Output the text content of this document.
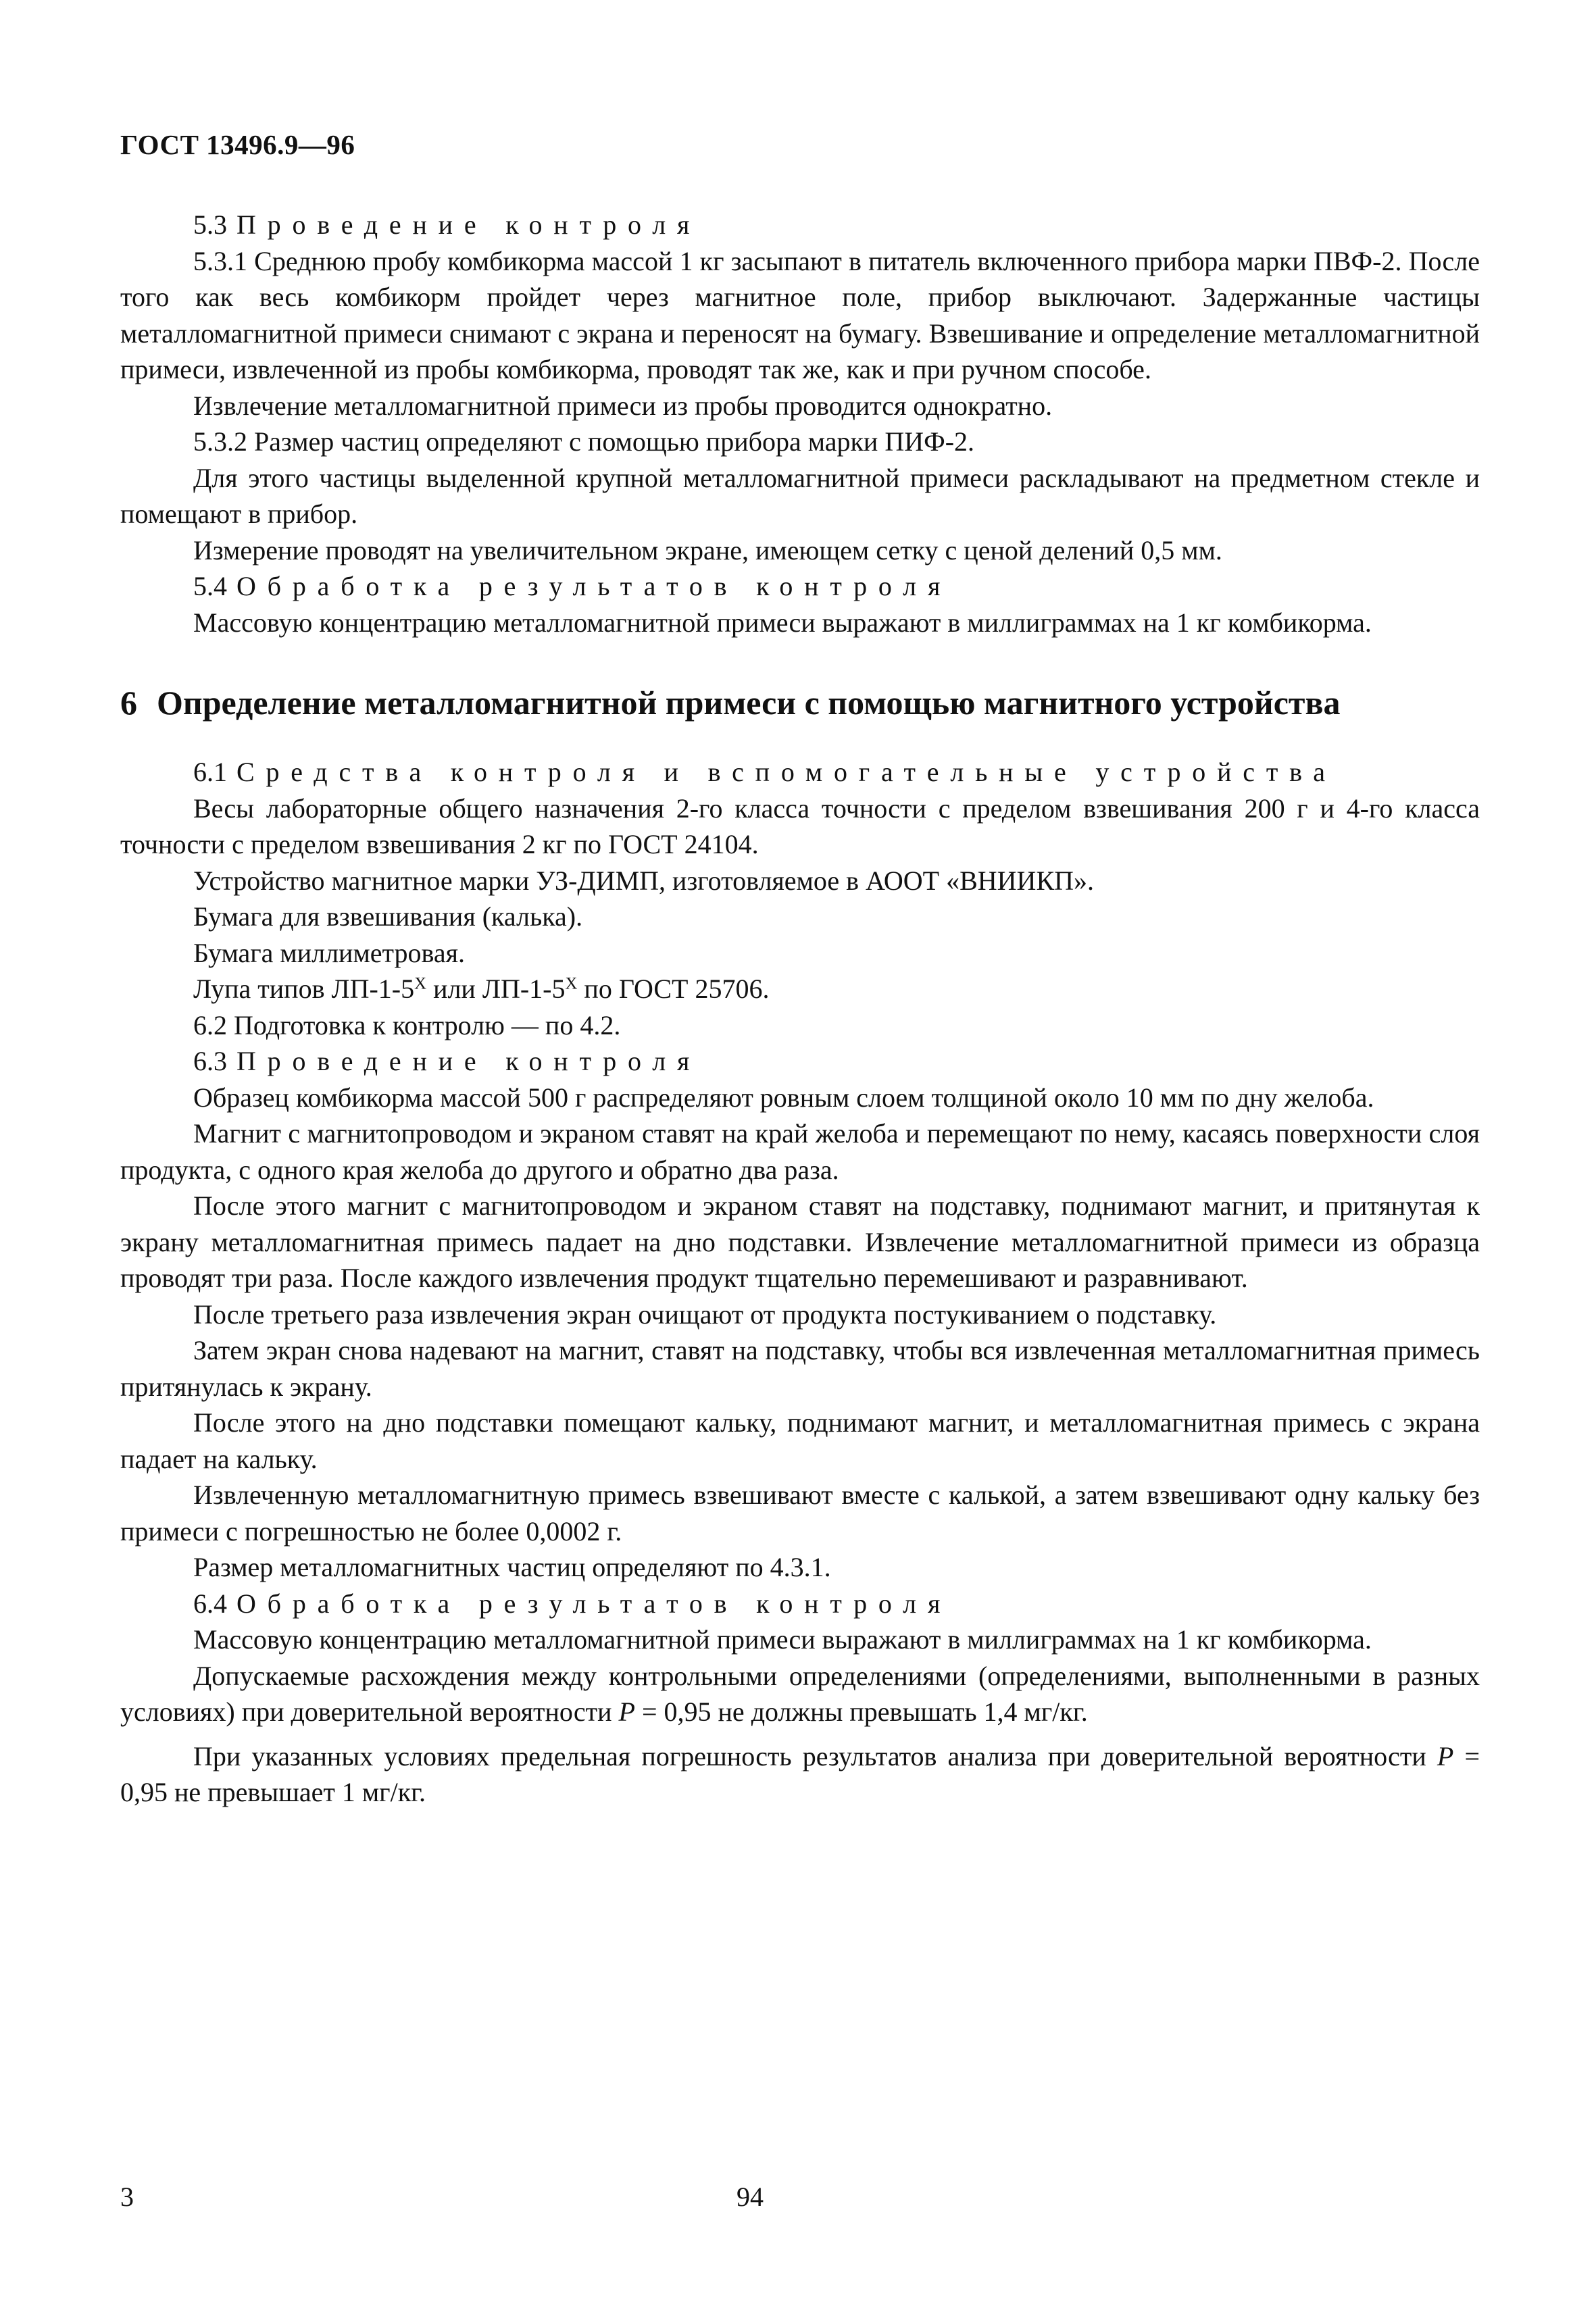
ГОСТ 13496.9—96

5.3 Проведение контроля

5.3.1 Среднюю пробу комбикорма массой 1 кг засыпают в питатель включенного прибора марки ПВФ-2. После того как весь комбикорм пройдет через магнитное поле, прибор выключают. Задержанные частицы металломагнитной примеси снимают с экрана и переносят на бумагу. Взвешивание и определение металломагнитной примеси, извлеченной из пробы комбикорма, проводят так же, как и при ручном способе.

Извлечение металломагнитной примеси из пробы проводится однократно.

5.3.2 Размер частиц определяют с помощью прибора марки ПИФ-2.

Для этого частицы выделенной крупной металломагнитной примеси раскладывают на предметном стекле и помещают в прибор.

Измерение проводят на увеличительном экране, имеющем сетку с ценой делений 0,5 мм.

5.4 Обработка результатов контроля

Массовую концентрацию металломагнитной примеси выражают в миллиграммах на 1 кг комбикорма.

6 Определение металломагнитной примеси с помощью магнитного устройства

6.1 Средства контроля и вспомогательные устройства

Весы лабораторные общего назначения 2-го класса точности с пределом взвешивания 200 г и 4-го класса точности с пределом взвешивания 2 кг по ГОСТ 24104.

Устройство магнитное марки УЗ-ДИМП, изготовляемое в АООТ «ВНИИКП».

Бумага для взвешивания (калька).

Бумага миллиметровая.

Лупа типов $ЛП-1-5^X$ или $ЛП-1-5^X$ по ГОСТ 25706.

6.2 Подготовка к контролю — по 4.2.

6.3 Проведение контроля

Образец комбикорма массой 500 г распределяют ровным слоем толщиной около 10 мм по дну желоба.

Магнит с магнитопроводом и экраном ставят на край желоба и перемещают по нему, касаясь поверхности слоя продукта, с одного края желоба до другого и обратно два раза.

После этого магнит с магнитопроводом и экраном ставят на подставку, поднимают магнит, и притянутая к экрану металломагнитная примесь падает на дно подставки. Извлечение металломагнитной примеси из образца проводят три раза. После каждого извлечения продукт тщательно перемешивают и разравнивают.

После третьего раза извлечения экран очищают от продукта постукиванием о подставку.

Затем экран снова надевают на магнит, ставят на подставку, чтобы вся извлеченная металломагнитная примесь притянулась к экрану.

После этого на дно подставки помещают кальку, поднимают магнит, и металломагнитная примесь с экрана падает на кальку.

Извлеченную металломагнитную примесь взвешивают вместе с калькой, а затем взвешивают одну кальку без примеси с погрешностью не более 0,0002 г.

Размер металломагнитных частиц определяют по 4.3.1.

6.4 Обработка результатов контроля

Массовую концентрацию металломагнитной примеси выражают в миллиграммах на 1 кг комбикорма.

Допускаемые расхождения между контрольными определениями (определениями, выполненными в разных условиях) при доверительной вероятности P = 0,95 не должны превышать 1,4 мг/кг.

При указанных условиях предельная погрешность результатов анализа при доверительной вероятности P = 0,95 не превышает 1 мг/кг.

3	94
